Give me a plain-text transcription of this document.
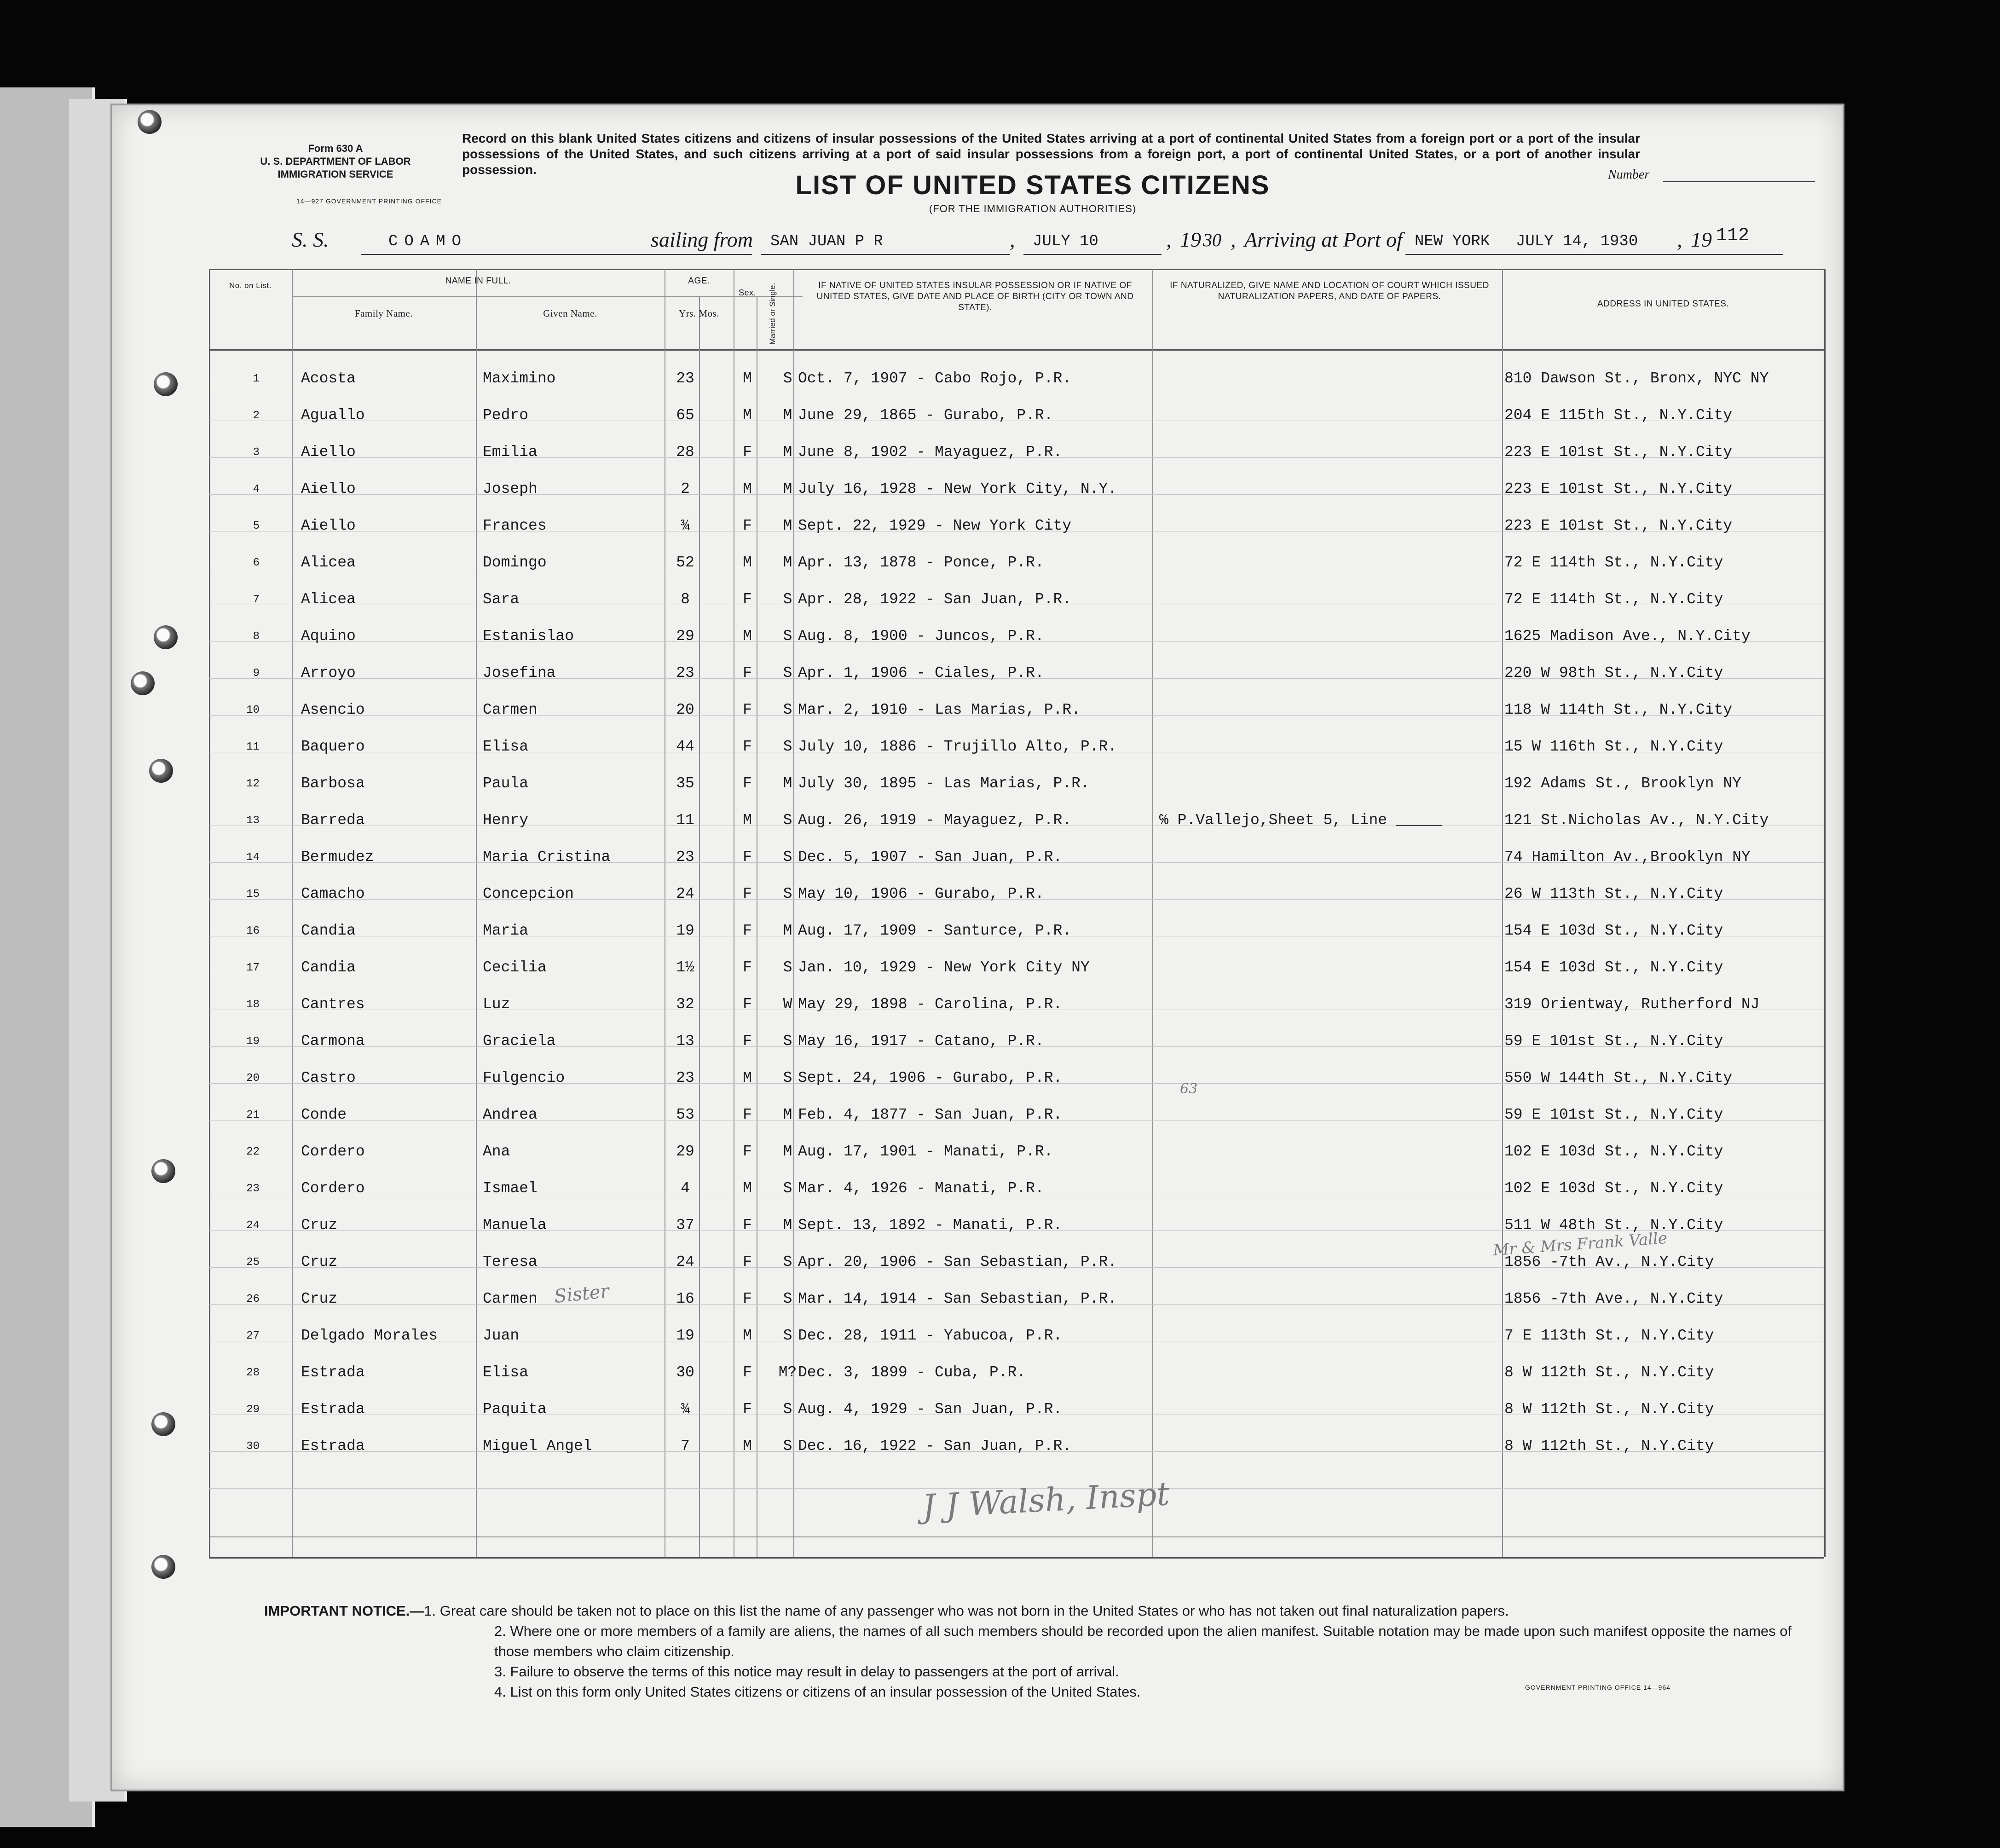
Form 630 A
U. S. DEPARTMENT OF LABOR
IMMIGRATION SERVICE
14—927 GOVERNMENT PRINTING OFFICE
Record on this blank United States citizens and citizens of insular possessions of the United States arriving at a port of continental United States from a foreign port or a port of the insular possessions of the United States, and such citizens arriving at a port of said insular possessions from a foreign port, a port of continental United States, or a port of another insular possession.	Number
LIST OF UNITED STATES CITIZENS
(FOR THE IMMIGRATION AUTHORITIES)
S. S.	COAMO	sailing from SAN JUAN P R	, JULY 10	, 19 30 , Arriving at Port of NEW YORK JULY 14, 1930 , 19 112
No. on List.	NAME IN FULL.
Family Name.	Given Name.
AGE.
Yrs. Mos.
Sex.	Married or Single.	IF NATIVE OF UNITED STATES INSULAR POSSESSION OR IF NATIVE OF UNITED STATES, GIVE DATE AND PLACE OF BIRTH (CITY OR TOWN AND STATE).
IF NATURALIZED, GIVE NAME AND LOCATION OF COURT WHICH ISSUED NATURALIZATION PAPERS, AND DATE OF PAPERS.
ADDRESS IN UNITED STATES.
1	Acosta	Maximino	23	M	S Oct. 7, 1907 - Cabo Rojo, P.R.	810 Dawson St., Bronx, NYC NY
2	Aguallo	Pedro	65	M	M June 29, 1865 - Gurabo, P.R.	204 E 115th St., N.Y.City
3	Aiello	Emilia	28	F	M June 8, 1902 - Mayaguez, P.R.	223 E 101st St., N.Y.City
4	Aiello	Joseph	2	M	M July 16, 1928 - New York City, N.Y.	223 E 101st St., N.Y.City
5	Aiello	Frances	¾	F	M Sept. 22, 1929 - New York City	223 E 101st St., N.Y.City
6	Alicea	Domingo	52	M	M Apr. 13, 1878 - Ponce, P.R.	72 E 114th St., N.Y.City
7	Alicea	Sara	8	F	S Apr. 28, 1922 - San Juan, P.R.	72 E 114th St., N.Y.City
8	Aquino	Estanislao	29	M	S Aug. 8, 1900 - Juncos, P.R.	1625 Madison Ave., N.Y.City
9	Arroyo	Josefina	23	F	S Apr. 1, 1906 - Ciales, P.R.	220 W 98th St., N.Y.City
10	Asencio	Carmen	20	F	S Mar. 2, 1910 - Las Marias, P.R.	118 W 114th St., N.Y.City
11	Baquero	Elisa	44	F	S July 10, 1886 - Trujillo Alto, P.R.	15 W 116th St., N.Y.City
12	Barbosa	Paula	35	F	M July 30, 1895 - Las Marias, P.R.	192 Adams St., Brooklyn NY
13	Barreda	Henry	11	M	S Aug. 26, 1919 - Mayaguez, P.R.	℅ P.Vallejo,Sheet 5, Line _____	121 St.Nicholas Av., N.Y.City
14	Bermudez	Maria Cristina	23	F	S Dec. 5, 1907 - San Juan, P.R.	74 Hamilton Av.,Brooklyn NY
15	Camacho	Concepcion	24	F	S May 10, 1906 - Gurabo, P.R.	26 W 113th St., N.Y.City
16	Candia	Maria	19	F	M Aug. 17, 1909 - Santurce, P.R.	154 E 103d St., N.Y.City
17	Candia	Cecilia	1½	F	S Jan. 10, 1929 - New York City NY	154 E 103d St., N.Y.City
18	Cantres	Luz	32	F	W May 29, 1898 - Carolina, P.R.	319 Orientway, Rutherford NJ
19	Carmona	Graciela	13	F	S May 16, 1917 - Catano, P.R.	59 E 101st St., N.Y.City
20	Castro	Fulgencio	23	M	S Sept. 24, 1906 - Gurabo, P.R.	550 W 144th St., N.Y.City
21	Conde	Andrea	53	F	M Feb. 4, 1877 - San Juan, P.R.	59 E 101st St., N.Y.City
22	Cordero	Ana	29	F	M Aug. 17, 1901 - Manati, P.R.	102 E 103d St., N.Y.City
23	Cordero	Ismael	4	M	S Mar. 4, 1926 - Manati, P.R.	102 E 103d St., N.Y.City
24	Cruz	Manuela	37	F	M Sept. 13, 1892 - Manati, P.R.	511 W 48th St., N.Y.City
25	Cruz	Teresa	24	F	S Apr. 20, 1906 - San Sebastian, P.R.	1856 -7th Av., N.Y.City
26	Cruz	Carmen	16	F	S Mar. 14, 1914 - San Sebastian, P.R.	1856 -7th Ave., N.Y.City
27	Delgado Morales	Juan	19	M	S Dec. 28, 1911 - Yabucoa, P.R.	7 E 113th St., N.Y.City
28	Estrada	Elisa	30	F	M? Dec. 3, 1899 - Cuba, P.R.	8 W 112th St., N.Y.City
29	Estrada	Paquita	¾	F	S Aug. 4, 1929 - San Juan, P.R.	8 W 112th St., N.Y.City
30	Estrada	Miguel Angel	7	M	S Dec. 16, 1922 - San Juan, P.R.	8 W 112th St., N.Y.City
Sister
Mr & Mrs Frank Valle
J J Walsh, Inspt
63

IMPORTANT NOTICE.—1. Great care should be taken not to place on this list the name of any passenger who was not born in the United States or who has not taken out final naturalization papers.

2. Where one or more members of a family are aliens, the names of all such members should be recorded upon the alien manifest. Suitable notation may be made upon such manifest opposite the names of those members who claim citizenship.

3. Failure to observe the terms of this notice may result in delay to passengers at the port of arrival.

4. List on this form only United States citizens or citizens of an insular possession of the United States.	GOVERNMENT PRINTING OFFICE 14—964
